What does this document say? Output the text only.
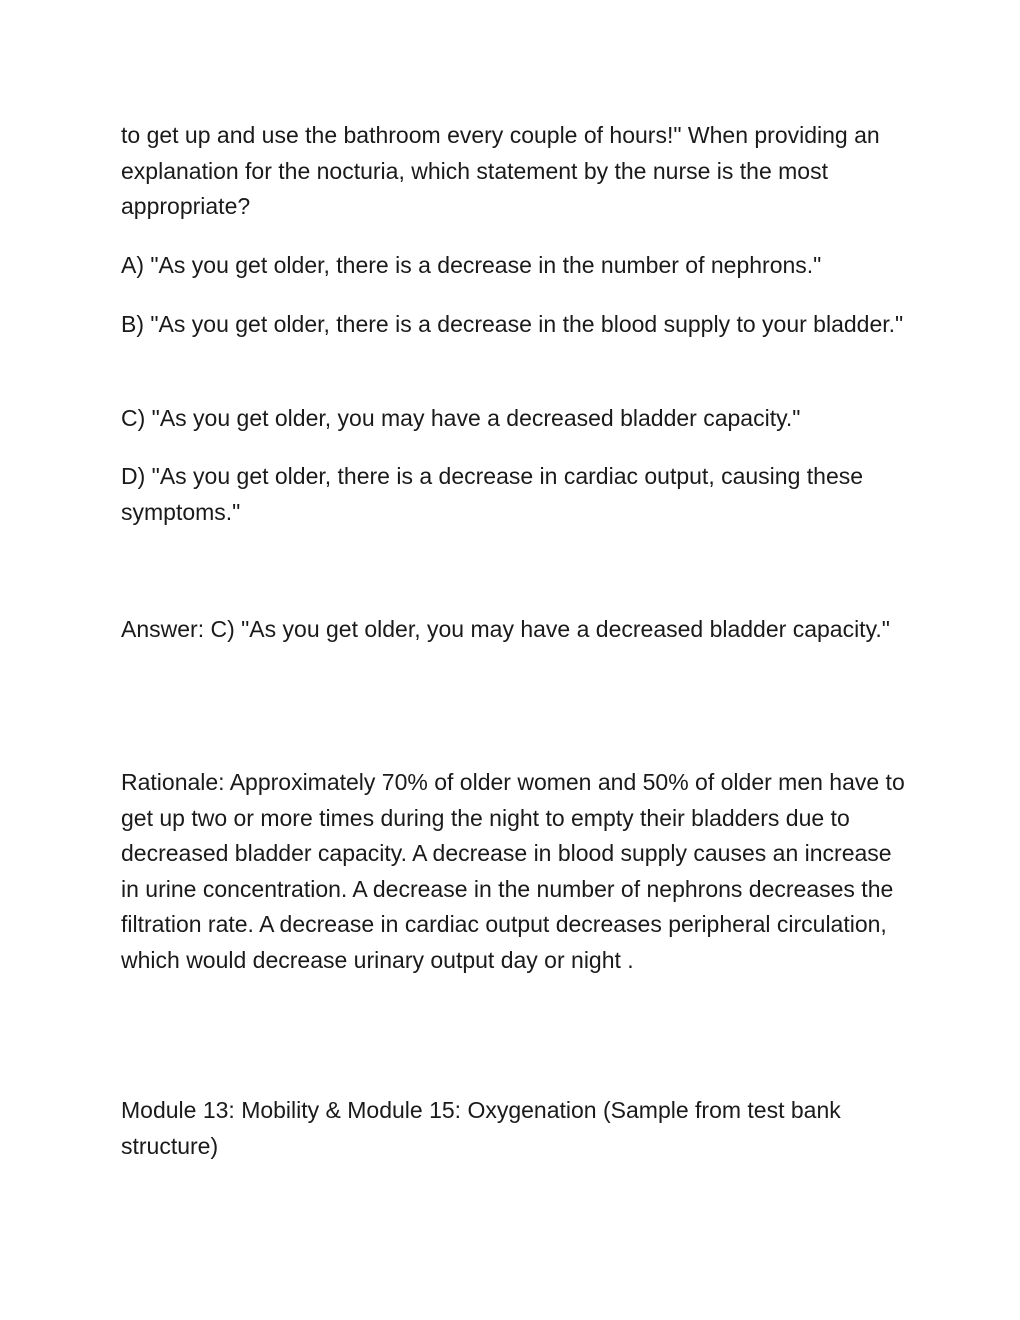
to get up and use the bathroom every couple of hours!" When providing an explanation for the nocturia, which statement by the nurse is the most appropriate?

A) "As you get older, there is a decrease in the number of nephrons."

B) "As you get older, there is a decrease in the blood supply to your bladder."

C) "As you get older, you may have a decreased bladder capacity."

D) "As you get older, there is a decrease in cardiac output, causing these symptoms."

Answer: C) "As you get older, you may have a decreased bladder capacity."

Rationale: Approximately 70% of older women and 50% of older men have to get up two or more times during the night to empty their bladders due to decreased bladder capacity. A decrease in blood supply causes an increase in urine concentration. A decrease in the number of nephrons decreases the filtration rate. A decrease in cardiac output decreases peripheral circulation, which would decrease urinary output day or night .

Module 13: Mobility & Module 15: Oxygenation (Sample from test bank structure)
